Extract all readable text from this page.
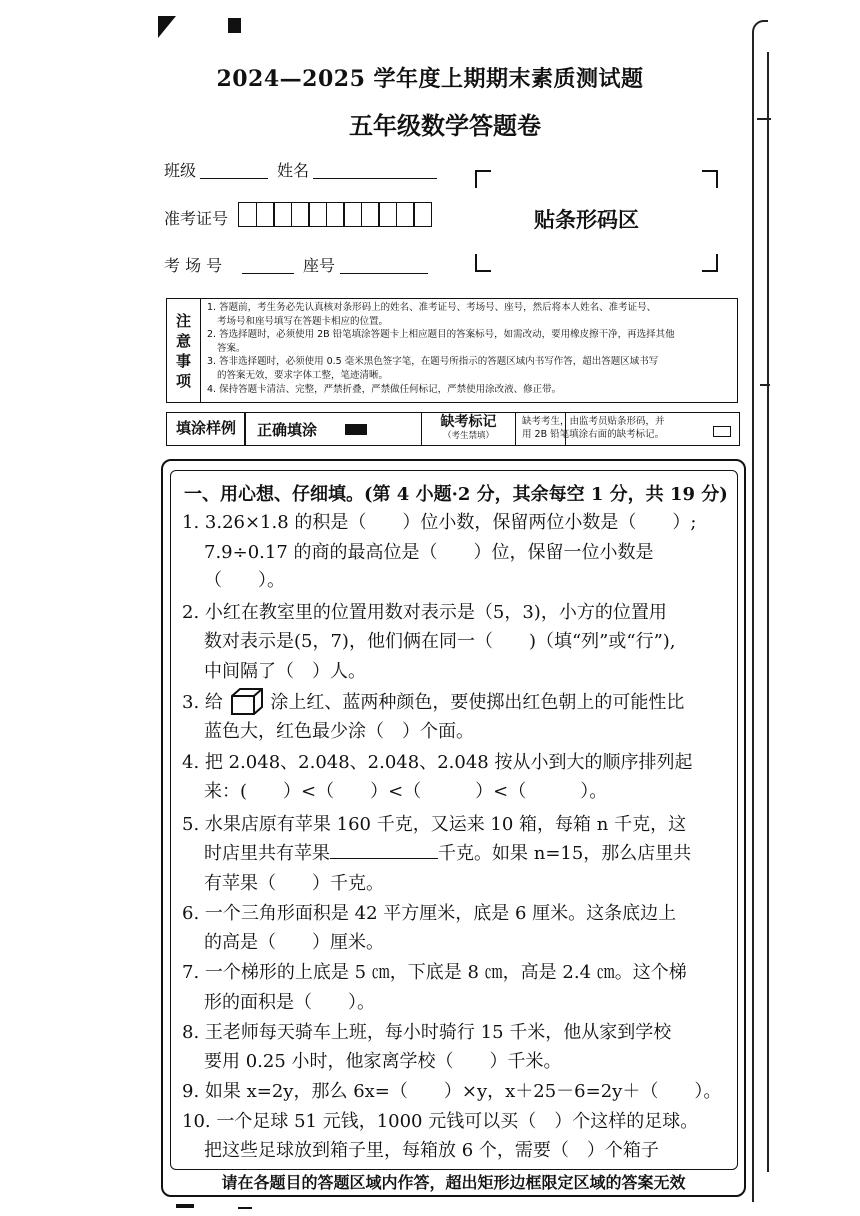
2024—2025 学年度上期期末素质测试题
五年级数学答题卷
班级	姓名
准考证号
考 场 号	座号
贴条形码区
注
意
事
项
1. 答题前，考生务必先认真核对条形码上的姓名、准考证号、考场号、座号，然后将本人姓名、准考证号、
考场号和座号填写在答题卡相应的位置。
2. 答选择题时，必须使用 2B 铅笔填涂答题卡上相应题目的答案标号，如需改动，要用橡皮擦干净，再选择其他
答案。
3. 答非选择题时，必须使用 0.5 毫米黑色签字笔，在题号所指示的答题区域内书写作答，超出答题区域书写
的答案无效，要求字体工整，笔迹清晰。
4. 保持答题卡清洁、完整，严禁折叠，严禁做任何标记，严禁使用涂改液、修正带。
填涂样例	正确填涂	缺考标记
（考生禁填）
缺考考生，由监考员贴条形码，并
用 2B 铅笔填涂右面的缺考标记。
一、用心想、仔细填。(第 4 小题·2 分，其余每空 1 分，共 19 分)
1. 3.26×1.8 的积是（　　）位小数，保留两位小数是（　　）;
7.9÷0.17 的商的最高位是（　　）位，保留一位小数是
（　　）。
2. 小红在教室里的位置用数对表示是（5，3)，小方的位置用
数对表示是(5，7)，他们俩在同一（　　)（填“列”或“行”),
中间隔了（　）人。
3. 给	涂上红、蓝两种颜色，要使掷出红色朝上的可能性比
蓝色大，红色最少涂（　）个面。
4. 把 2.048、2.048、2.048、2.048 按从小到大的顺序排列起
来：(　　）<（　　）<（　　　）<（　　　）。
5. 水果店原有苹果 160 千克，又运来 10 箱，每箱 n 千克，这
时店里共有苹果	千克。如果 n=15，那么店里共
有苹果（　　）千克。
6. 一个三角形面积是 42 平方厘米，底是 6 厘米。这条底边上
的高是（　　）厘米。
7. 一个梯形的上底是 5 ㎝，下底是 8 ㎝，高是 2.4 ㎝。这个梯
形的面积是（　　）。
8. 王老师每天骑车上班，每小时骑行 15 千米，他从家到学校
要用 0.25 小时，他家离学校（　　）千米。
9. 如果 x=2y，那么 6x=（　　）×y，x＋25－6=2y＋（　　）。
10. 一个足球 51 元钱，1000 元钱可以买（　）个这样的足球。
把这些足球放到箱子里，每箱放 6 个，需要（　）个箱子
请在各题目的答题区域内作答，超出矩形边框限定区域的答案无效
